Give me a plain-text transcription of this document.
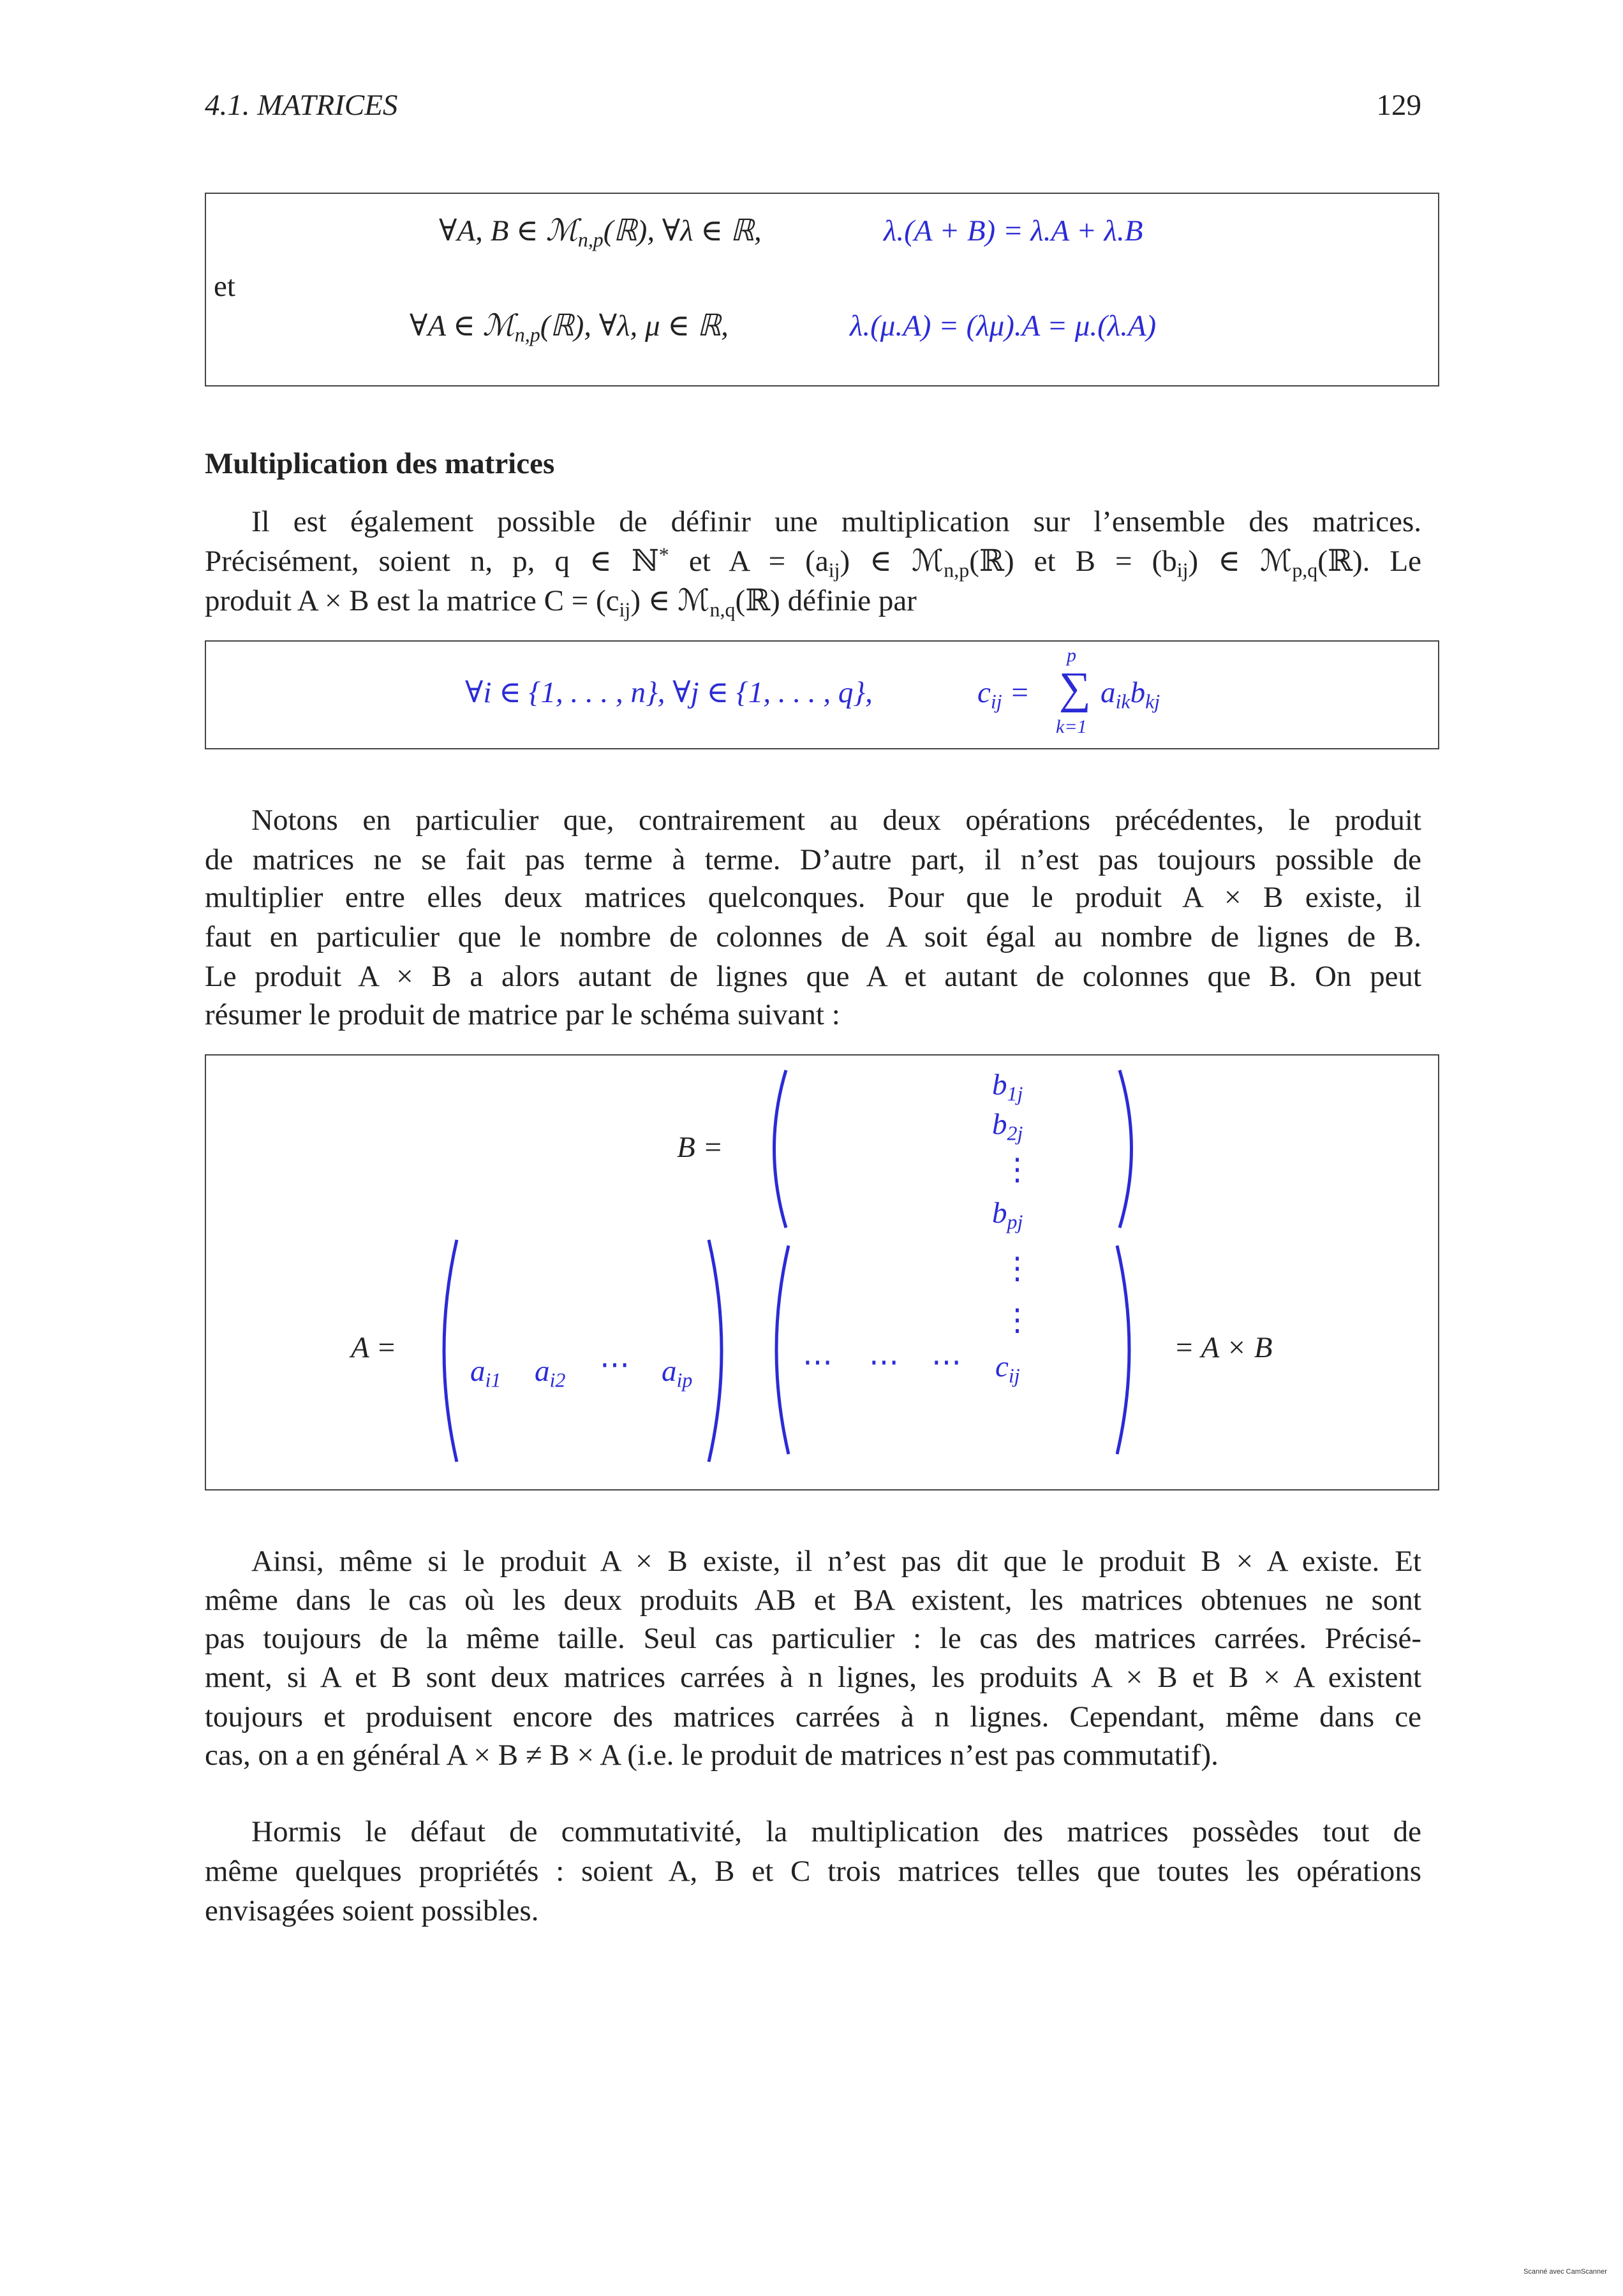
4.1. MATRICES	129
∀A, B ∈ ℳ$_{n,p}$(ℝ), ∀λ ∈ ℝ,	λ.(A + B) = λ.A + λ.B
et
∀A ∈ ℳ$_{n,p}$(ℝ), ∀λ, μ ∈ ℝ,	λ.(μ.A) = (λμ).A = μ.(λ.A)
Multiplication des matrices
Il est également possible de définir une multiplication sur l’ensemble des matrices.
Précisément, soient n, p, q ∈ ℕ* et $A = (a_{ij})$ ∈ ℳ$_{n,p}$(ℝ) et $B = (b_{ij})$ ∈ ℳ$_{p,q}$(ℝ). Le
produit A × B est la matrice $C = (c_{ij})$ ∈ ℳ$_{n,q}$(ℝ) définie par
∀i ∈ {1, . . . , n}, ∀j ∈ {1, . . . , q},	$c_{ij}$ = ∑
p
k=1
$a_{ik}b_{kj}$
Notons en particulier que, contrairement au deux opérations précédentes, le produit
de matrices ne se fait pas terme à terme. D’autre part, il n’est pas toujours possible de
multiplier entre elles deux matrices quelconques. Pour que le produit A × B existe, il
faut en particulier que le nombre de colonnes de A soit égal au nombre de lignes de B.
Le produit A × B a alors autant de lignes que A et autant de colonnes que B. On peut
résumer le produit de matrice par le schéma suivant :
B =
$b_{1j}$
$b_{2j}$
⋮
$b_{pj}$
A =
$a_{i1}$ $a_{i2}$ ⋯ $a_{ip}$
⋮
⋮
⋯ ⋯ ⋯ $c_{ij}$
= A × B
Ainsi, même si le produit A × B existe, il n’est pas dit que le produit B × A existe. Et
même dans le cas où les deux produits AB et BA existent, les matrices obtenues ne sont
pas toujours de la même taille. Seul cas particulier : le cas des matrices carrées. Précisé-
ment, si A et B sont deux matrices carrées à n lignes, les produits A × B et B × A existent
toujours et produisent encore des matrices carrées à n lignes. Cependant, même dans ce
cas, on a en général A × B ≠ B × A (i.e. le produit de matrices n’est pas commutatif).
Hormis le défaut de commutativité, la multiplication des matrices possèdes tout de
même quelques propriétés : soient A, B et C trois matrices telles que toutes les opérations
envisagées soient possibles.
Scanné avec CamScanner
